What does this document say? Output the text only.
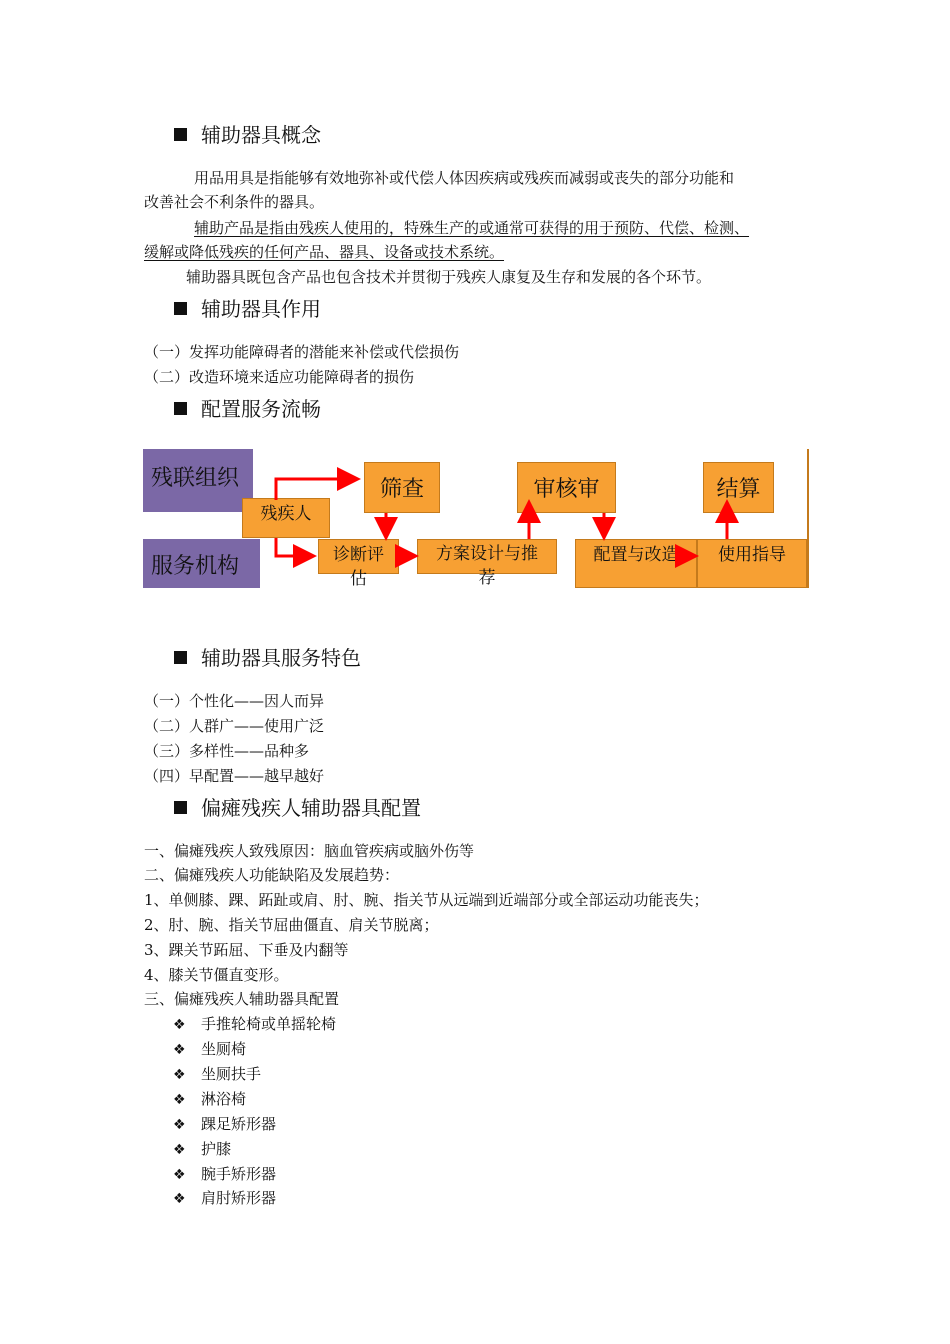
辅助器具概念
用品用具是指能够有效地弥补或代偿人体因疾病或残疾而减弱或丧失的部分功能和
改善社会不利条件的器具。
辅助产品是指由残疾人使用的，特殊生产的或通常可获得的用于预防、代偿、检测、
缓解或降低残疾的任何产品、器具、设备或技术系统。
辅助器具既包含产品也包含技术并贯彻于残疾人康复及生存和发展的各个环节。
辅助器具作用
（一）发挥功能障碍者的潜能来补偿或代偿损伤
（二）改造环境来适应功能障碍者的损伤
配置服务流畅
残联组织
服务机构
残疾人
筛查	审核审	结算
诊断评
估
方案设计与推
荐
配置与改造	使用指导
辅助器具服务特色
（一）个性化——因人而异
（二）人群广——使用广泛
（三）多样性——品种多
（四）早配置——越早越好
偏瘫残疾人辅助器具配置
一、偏瘫残疾人致残原因：脑血管疾病或脑外伤等
二、偏瘫残疾人功能缺陷及发展趋势：
1、单侧膝、踝、跖趾或肩、肘、腕、指关节从远端到近端部分或全部运动功能丧失；
2、肘、腕、指关节屈曲僵直、肩关节脱离；
3、踝关节跖屈、下垂及内翻等
4、膝关节僵直变形。
三、偏瘫残疾人辅助器具配置
❖ 手推轮椅或单摇轮椅
❖ 坐厕椅
❖ 坐厕扶手
❖ 淋浴椅
❖ 踝足矫形器
❖ 护膝
❖ 腕手矫形器
❖ 肩肘矫形器
